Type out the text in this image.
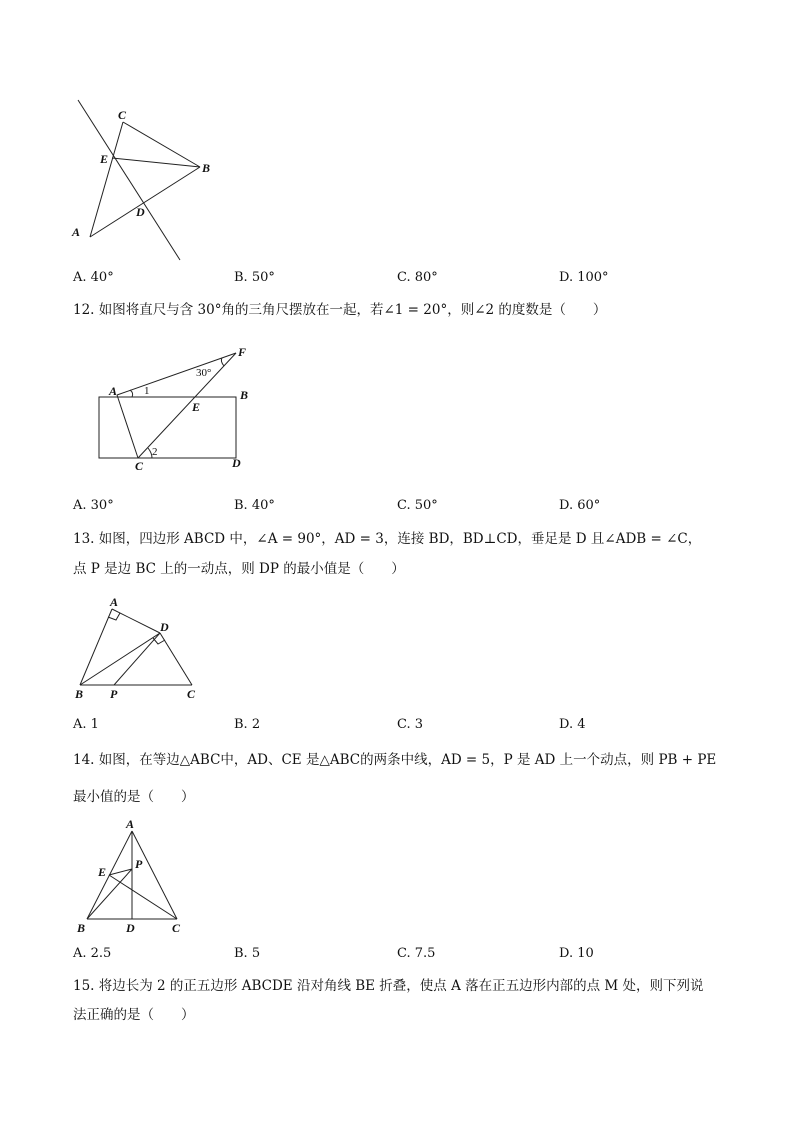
C
E
B
D
A
A. 40°	B. 50°	C. 80°	D. 100°
12. 如图将直尺与含 30°角的三角尺摆放在一起，若∠1 = 20°，则∠2 的度数是（　　）
A
F
B
E
C	D
1
2
30°
A. 30°	B. 40°	C. 50°	D. 60°
13. 如图，四边形 ABCD 中，∠A = 90°，AD = 3，连接 BD，BD⊥CD，垂足是 D 且∠ADB = ∠C，
点 P 是边 BC 上的一动点，则 DP 的最小值是（　　）
A
D
B P	C
A. 1	B. 2	C. 3	D. 4
14. 如图，在等边△ABC中，AD、CE 是△ABC的两条中线，AD = 5，P 是 AD 上一个动点，则 PB + PE
最小值的是（　　）
A
E
P
B	D	C
A. 2.5	B. 5	C. 7.5	D. 10
15. 将边长为 2 的正五边形 ABCDE 沿对角线 BE 折叠，使点 A 落在正五边形内部的点 M 处，则下列说
法正确的是（　　）
